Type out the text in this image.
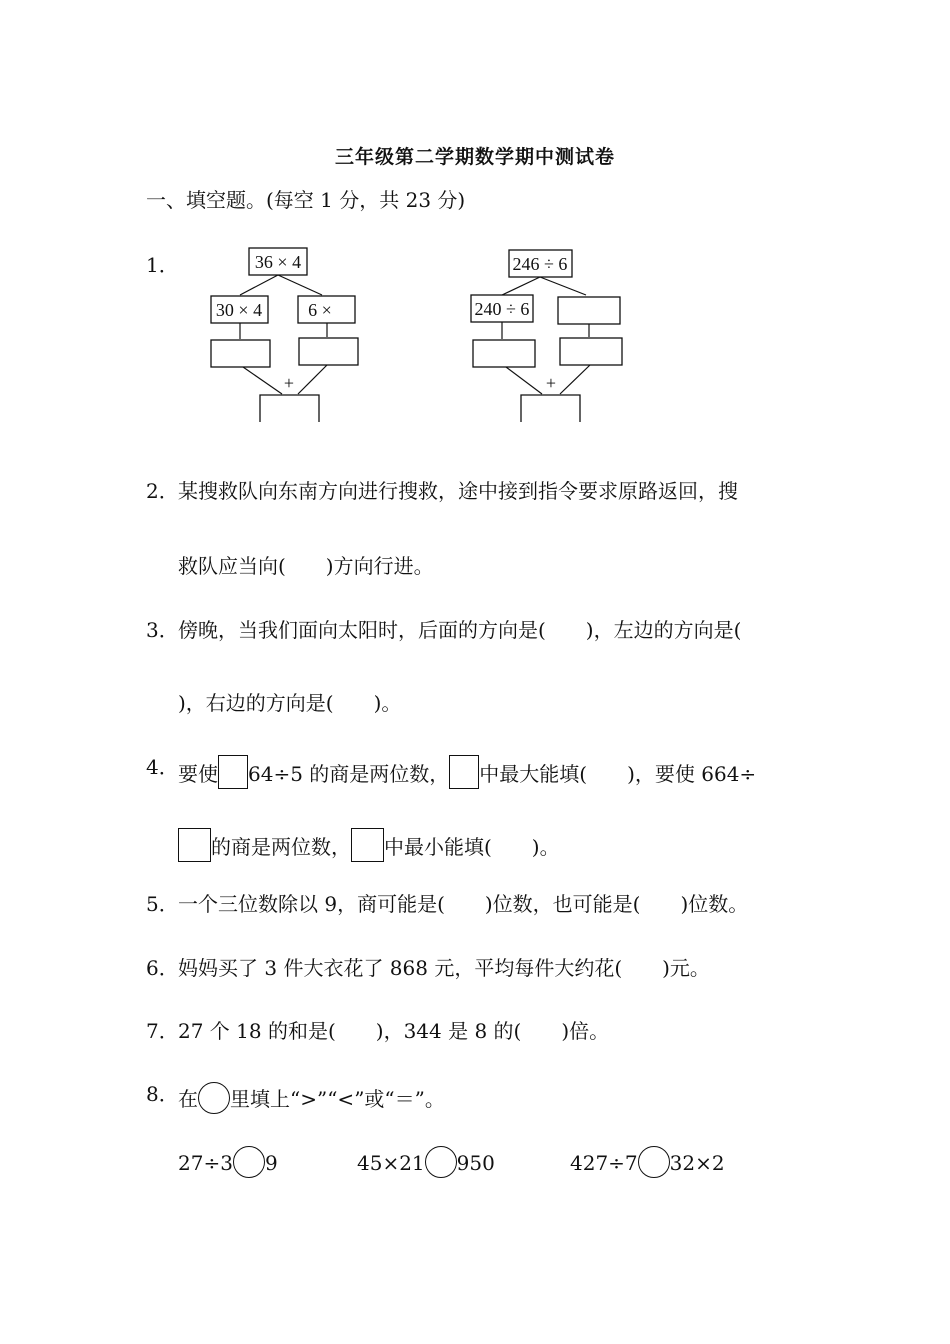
三年级第二学期数学期中测试卷
一、填空题。(每空 1 分，共 23 分)
1．	36 × 4
30 × 4	6 ×
+
246 ÷ 6
240 ÷ 6
+
2． 某搜救队向东南方向进行搜救，途中接到指令要求原路返回，搜
救队应当向(　　)方向行进。
3． 傍晚，当我们面向太阳时，后面的方向是(　　)，左边的方向是(
)，右边的方向是(　　)。
4． 要使 64÷5 的商是两位数， 中最大能填(　　)，要使 664÷
的商是两位数， 中最小能填(　　)。
5． 一个三位数除以 9，商可能是(　　)位数，也可能是(　　)位数。
6． 妈妈买了 3 件大衣花了 868 元，平均每件大约花(　　)元。
7． 27 个 18 的和是(　　)，344 是 8 的(　　)倍。
8． 在 里填上“>”“<”或“＝”。
27÷3 9	45×21 950	427÷7 32×2
